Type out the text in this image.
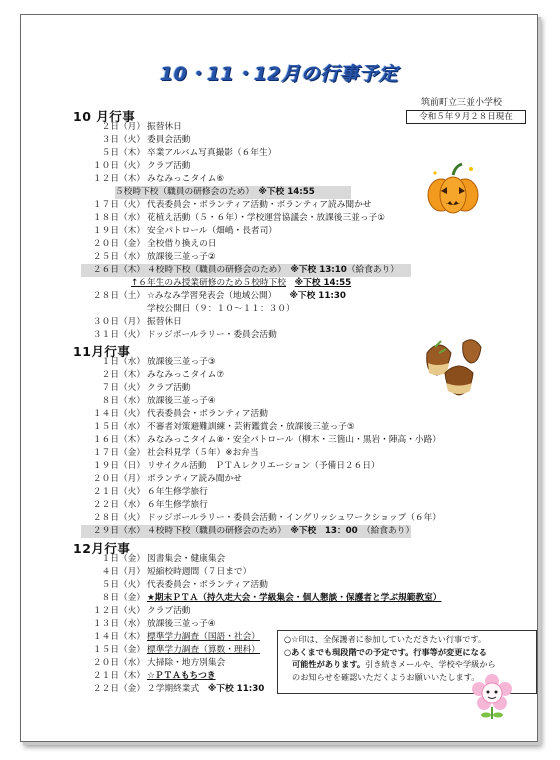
10・11・12月の行事予定
筑前町立三並小学校
令和５年９月２８日現在
10 月行事
２日（月） 振替休日
３日（火） 委員会活動
５日（木） 卒業アルバム写真撮影（６年生）
１０日（火） クラブ活動
１２日（木） みなみっこタイム⑥
５校時下校（職員の研修会のため）　 ※下校 14:55
１７日（火） 代表委員会・ボランティア活動・ボランティア読み聞かせ
１８日（水） 花植え活動（５・６年）・学校運営協議会・放課後三並っ子①
１９日（木） 安全パトロール（畑嶋・長者司）
２０日（金） 全校借り換えの日
２５日（水） 放課後三並っ子②
２６日（木） ４校時下校（職員の研修会のため）　 ※下校 13:10（給食あり）
↑６年生のみ授業研修のため５校時下校　 ※下校 14:55
２８日（土） ☆みなみ学習発表会（地域公開）　　 ※下校 11:30
学校公開日（９：１０〜１１：３０）
３０日（月） 振替休日
３１日（火） ドッジボールラリー・委員会活動
11月行事
１日（水） 放課後三並っ子③
２日（木） みなみっこタイム⑦
７日（火） クラブ活動
８日（水） 放課後三並っ子④
１４日（火） 代表委員会・ボランティア活動
１５日（水） 不審者対策避難訓練・芸術鑑賞会・放課後三並っ子⑤
１６日（木） みなみっこタイム⑧・安全パトロール（柳木・三箇山・黒岩・陣高・小路）
１７日（金） 社会科見学（５年）※お弁当
１９日（日） リサイクル活動　ＰＴＡレクリエーション（予備日２６日）
２０日（月） ボランティア読み聞かせ
２１日（火） ６年生修学旅行
２２日（水） ６年生修学旅行
２８日（火） ドッジボールラリー・委員会活動・イングリッシュワークショップ（６年）
２９日（水） ４校時下校（職員の研修会のため）　 ※下校　13：00　 （給食あり）
12月行事
１日（金） 図書集会・健康集会
４日（月） 短縮校時週間（７日まで）
５日（火） 代表委員会・ボランティア活動
８日（金） ★期末ＰＴＡ（持久走大会・学級集会・個人懇談・保護者と学ぶ規範教室）
１２日（火） クラブ活動
１３日（水） 放課後三並っ子④
１４日（木） 標準学力調査（国語・社会）
１５日（金） 標準学力調査（算数・理科）
２０日（水） 大掃除・地方別集会
２１日（木） ☆ＰＴＡもちつき
２２日（金） ２学期終業式　 ※下校 11:30
○☆印は、全保護者に参加していただきたい行事です。
○あくまでも現段階での予定です。行事等が変更になる
可能性があります。引き続きメールや、学校や学級から
のお知らせを確認いただくようお願いいたします。
